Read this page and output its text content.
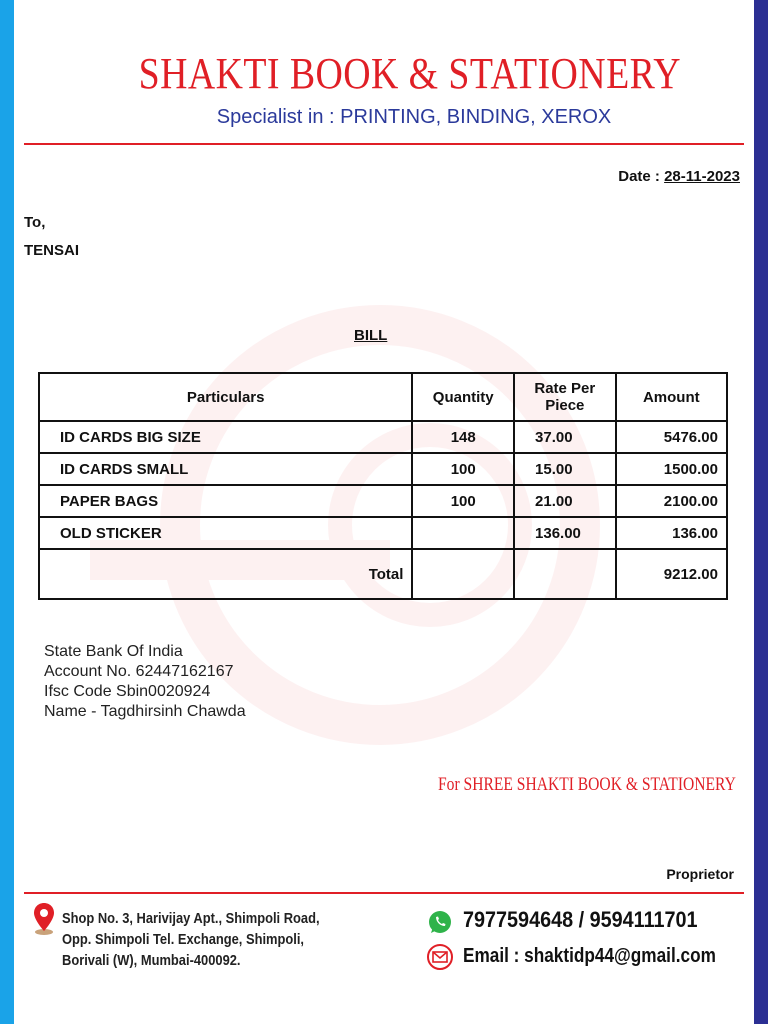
SHAKTI BOOK & STATIONERY
Specialist in : PRINTING, BINDING, XEROX
Date : 28-11-2023
To,
TENSAI
BILL
Particulars	Quantity	Rate Per Piece	Amount
ID CARDS BIG SIZE	148	37.00	5476.00
ID CARDS SMALL	100	15.00	1500.00
PAPER BAGS	100	21.00	2100.00
OLD STICKER		136.00	136.00
Total			9212.00
State Bank Of India
Account No. 62447162167
Ifsc Code Sbin0020924
Name - Tagdhirsinh Chawda
For SHREE SHAKTI BOOK & STATIONERY
Proprietor
Shop No. 3, Harivijay Apt., Shimpoli Road,
Opp. Shimpoli Tel. Exchange, Shimpoli,
Borivali (W), Mumbai-400092.
7977594648 / 9594111701
Email : shaktidp44@gmail.com
